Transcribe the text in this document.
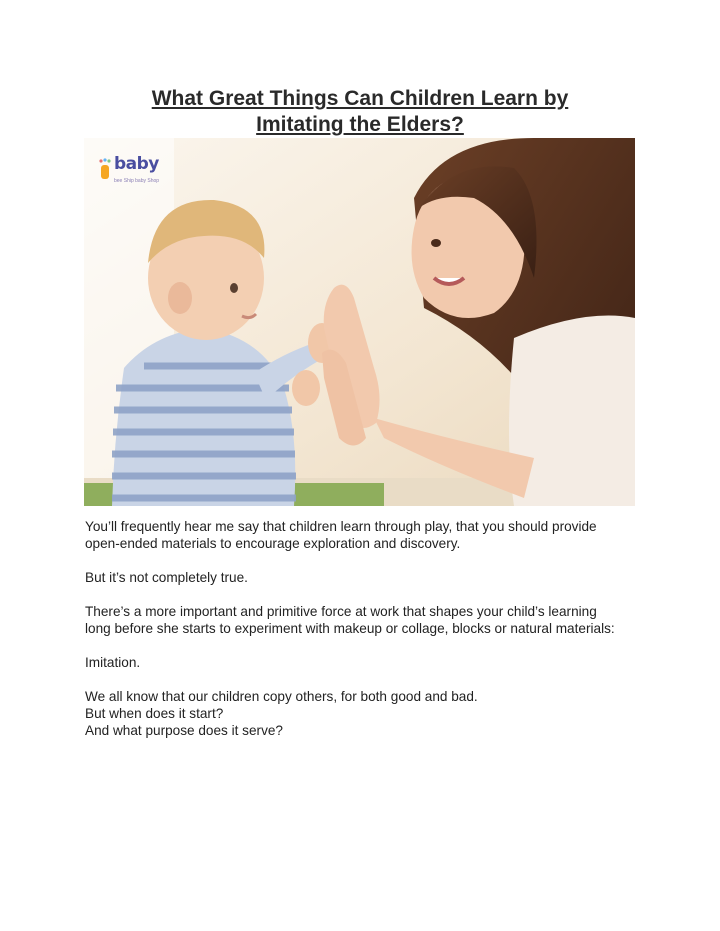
What Great Things Can Children Learn by
Imitating the Elders?
baby
bee Ship baby Shop

You’ll frequently hear me say that children learn through play, that you should provide

open-ended materials to encourage exploration and discovery.

But it’s not completely true.

There’s a more important and primitive force at work that shapes your child’s learning

long before she starts to experiment with makeup or collage, blocks or natural materials:

Imitation.

We all know that our children copy others, for both good and bad.

But when does it start?

And what purpose does it serve?
